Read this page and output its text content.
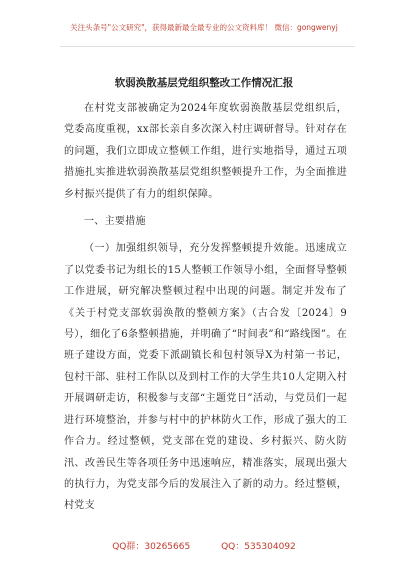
关注头条号"公文研究"，获得最新最全最专业的公文资料库！ 微信：gongwenyj
软弱涣散基层党组织整改工作情况汇报

在村党支部被确定为2024年度软弱涣散基层党组织后，党委高度重视，xx部长亲自多次深入村庄调研督导。针对存在的问题，我们立即成立整顿工作组，进行实地指导，通过五项措施扎实推进软弱涣散基层党组织整顿提升工作，为全面推进乡村振兴提供了有力的组织保障。

一、主要措施

（一）加强组织领导，充分发挥整顿提升效能。迅速成立了以党委书记为组长的15人整顿工作领导小组，全面督导整顿工作进展，研究解决整顿过程中出现的问题。制定并发布了《关于村党支部软弱涣散的整顿方案》（古合发〔2024〕9号），细化了6条整顿措施，并明确了“时间表”和“路线图”。在班子建设方面，党委下派副镇长和包村领导X为村第一书记，包村干部、驻村工作队以及到村工作的大学生共10人定期入村开展调研走访，积极参与支部“主题党日”活动，与党员们一起进行环境整治，并参与村中的护林防火工作，形成了强大的工作合力。经过整顿，党支部在党的建设、乡村振兴、防火防汛、改善民生等各项任务中迅速响应，精准落实，展现出强大的执行力，为党支部今后的发展注入了新的动力。经过整顿，村党支

QQ群：30265665	QQ：535304092
